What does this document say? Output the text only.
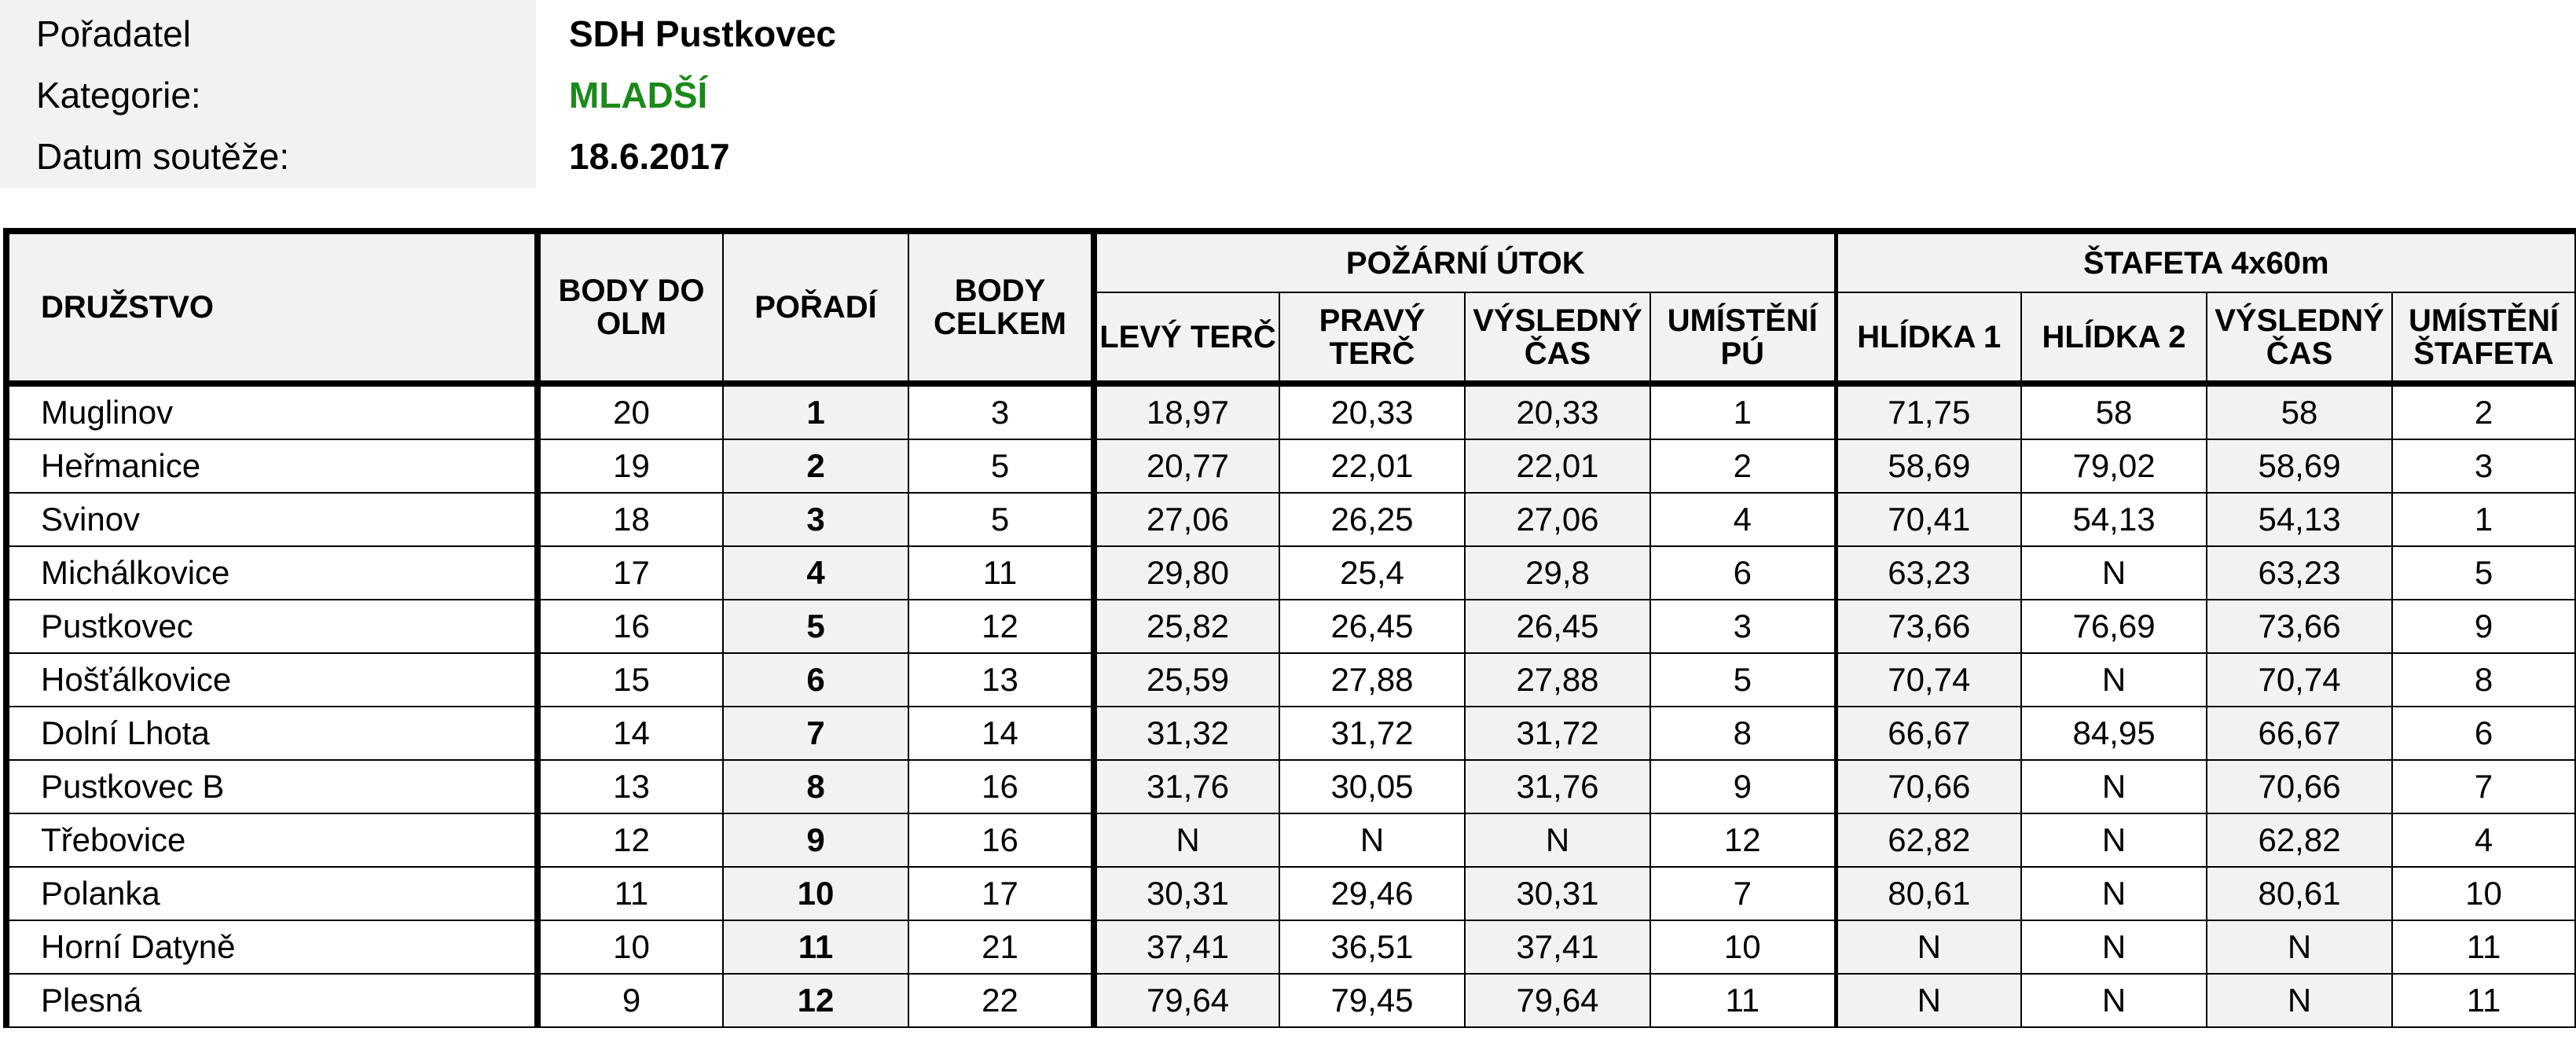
Pořadatel	SDH Pustkovec
Kategorie:	MLADŠÍ
Datum soutěže:	18.6.2017
DRUŽSTVO	BODY DO OLM	POŘADÍ	BODY CELKEM	POŽÁRNÍ ÚTOK				ŠTAFETA 4x60m			
				LEVÝ TERČ	PRAVÝ TERČ	VÝSLEDNÝ ČAS	UMÍSTĚNÍ PÚ	HLÍDKA 1	HLÍDKA 2	VÝSLEDNÝ ČAS	UMÍSTĚNÍ ŠTAFETA
Muglinov	20	1	3	18,97	20,33	20,33	1	71,75	58	58	2
Heřmanice	19	2	5	20,77	22,01	22,01	2	58,69	79,02	58,69	3
Svinov	18	3	5	27,06	26,25	27,06	4	70,41	54,13	54,13	1
Michálkovice	17	4	11	29,80	25,4	29,8	6	63,23	N	63,23	5
Pustkovec	16	5	12	25,82	26,45	26,45	3	73,66	76,69	73,66	9
Hošťálkovice	15	6	13	25,59	27,88	27,88	5	70,74	N	70,74	8
Dolní Lhota	14	7	14	31,32	31,72	31,72	8	66,67	84,95	66,67	6
Pustkovec B	13	8	16	31,76	30,05	31,76	9	70,66	N	70,66	7
Třebovice	12	9	16	N	N	N	12	62,82	N	62,82	4
Polanka	11	10	17	30,31	29,46	30,31	7	80,61	N	80,61	10
Horní Datyně	10	11	21	37,41	36,51	37,41	10	N	N	N	11
Plesná	9	12	22	79,64	79,45	79,64	11	N	N	N	11
